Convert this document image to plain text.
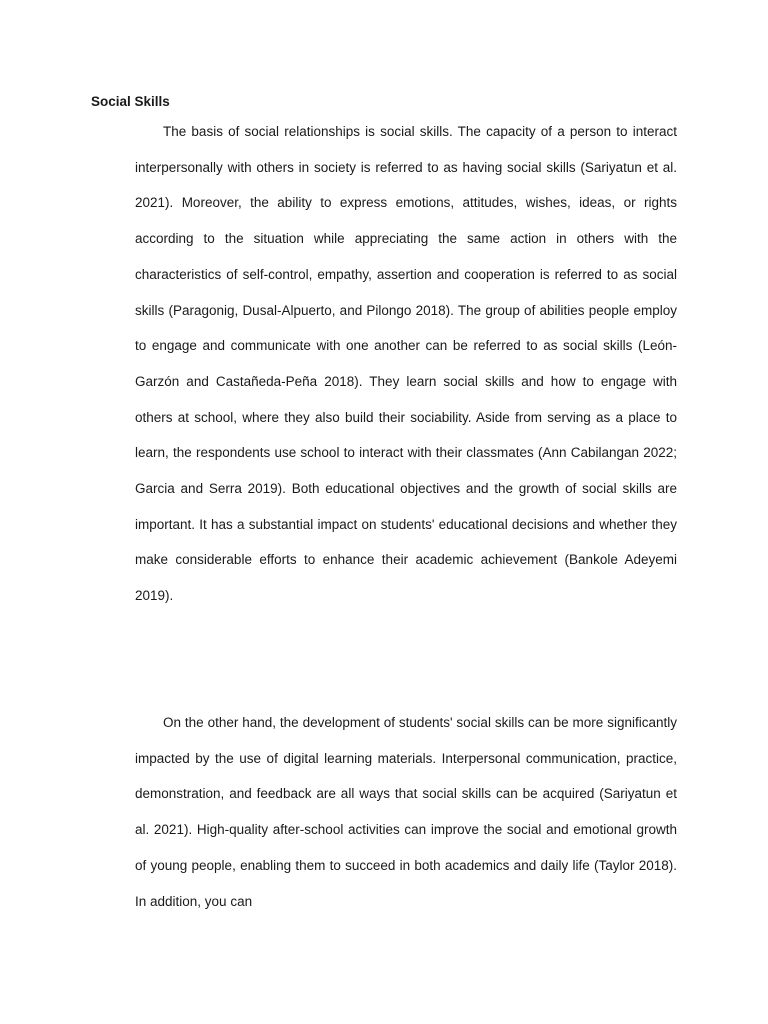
Social Skills

The basis of social relationships is social skills. The capacity of a person to interact interpersonally with others in society is referred to as having social skills (Sariyatun et al. 2021). Moreover, the ability to express emotions, attitudes, wishes, ideas, or rights according to the situation while appreciating the same action in others with the characteristics of self-control, empathy, assertion and cooperation is referred to as social skills (Paragonig, Dusal-Alpuerto, and Pilongo 2018). The group of abilities people employ to engage and communicate with one another can be referred to as social skills (León-Garzón and Castañeda-Peña 2018). They learn social skills and how to engage with others at school, where they also build their sociability. Aside from serving as a place to learn, the respondents use school to interact with their classmates (Ann Cabilangan 2022; Garcia and Serra 2019). Both educational objectives and the growth of social skills are important. It has a substantial impact on students' educational decisions and whether they make considerable efforts to enhance their academic achievement (Bankole Adeyemi 2019).

On the other hand, the development of students' social skills can be more significantly impacted by the use of digital learning materials. Interpersonal communication, practice, demonstration, and feedback are all ways that social skills can be acquired (Sariyatun et al. 2021). High-quality after-school activities can improve the social and emotional growth of young people, enabling them to succeed in both academics and daily life (Taylor 2018). In addition, you can
